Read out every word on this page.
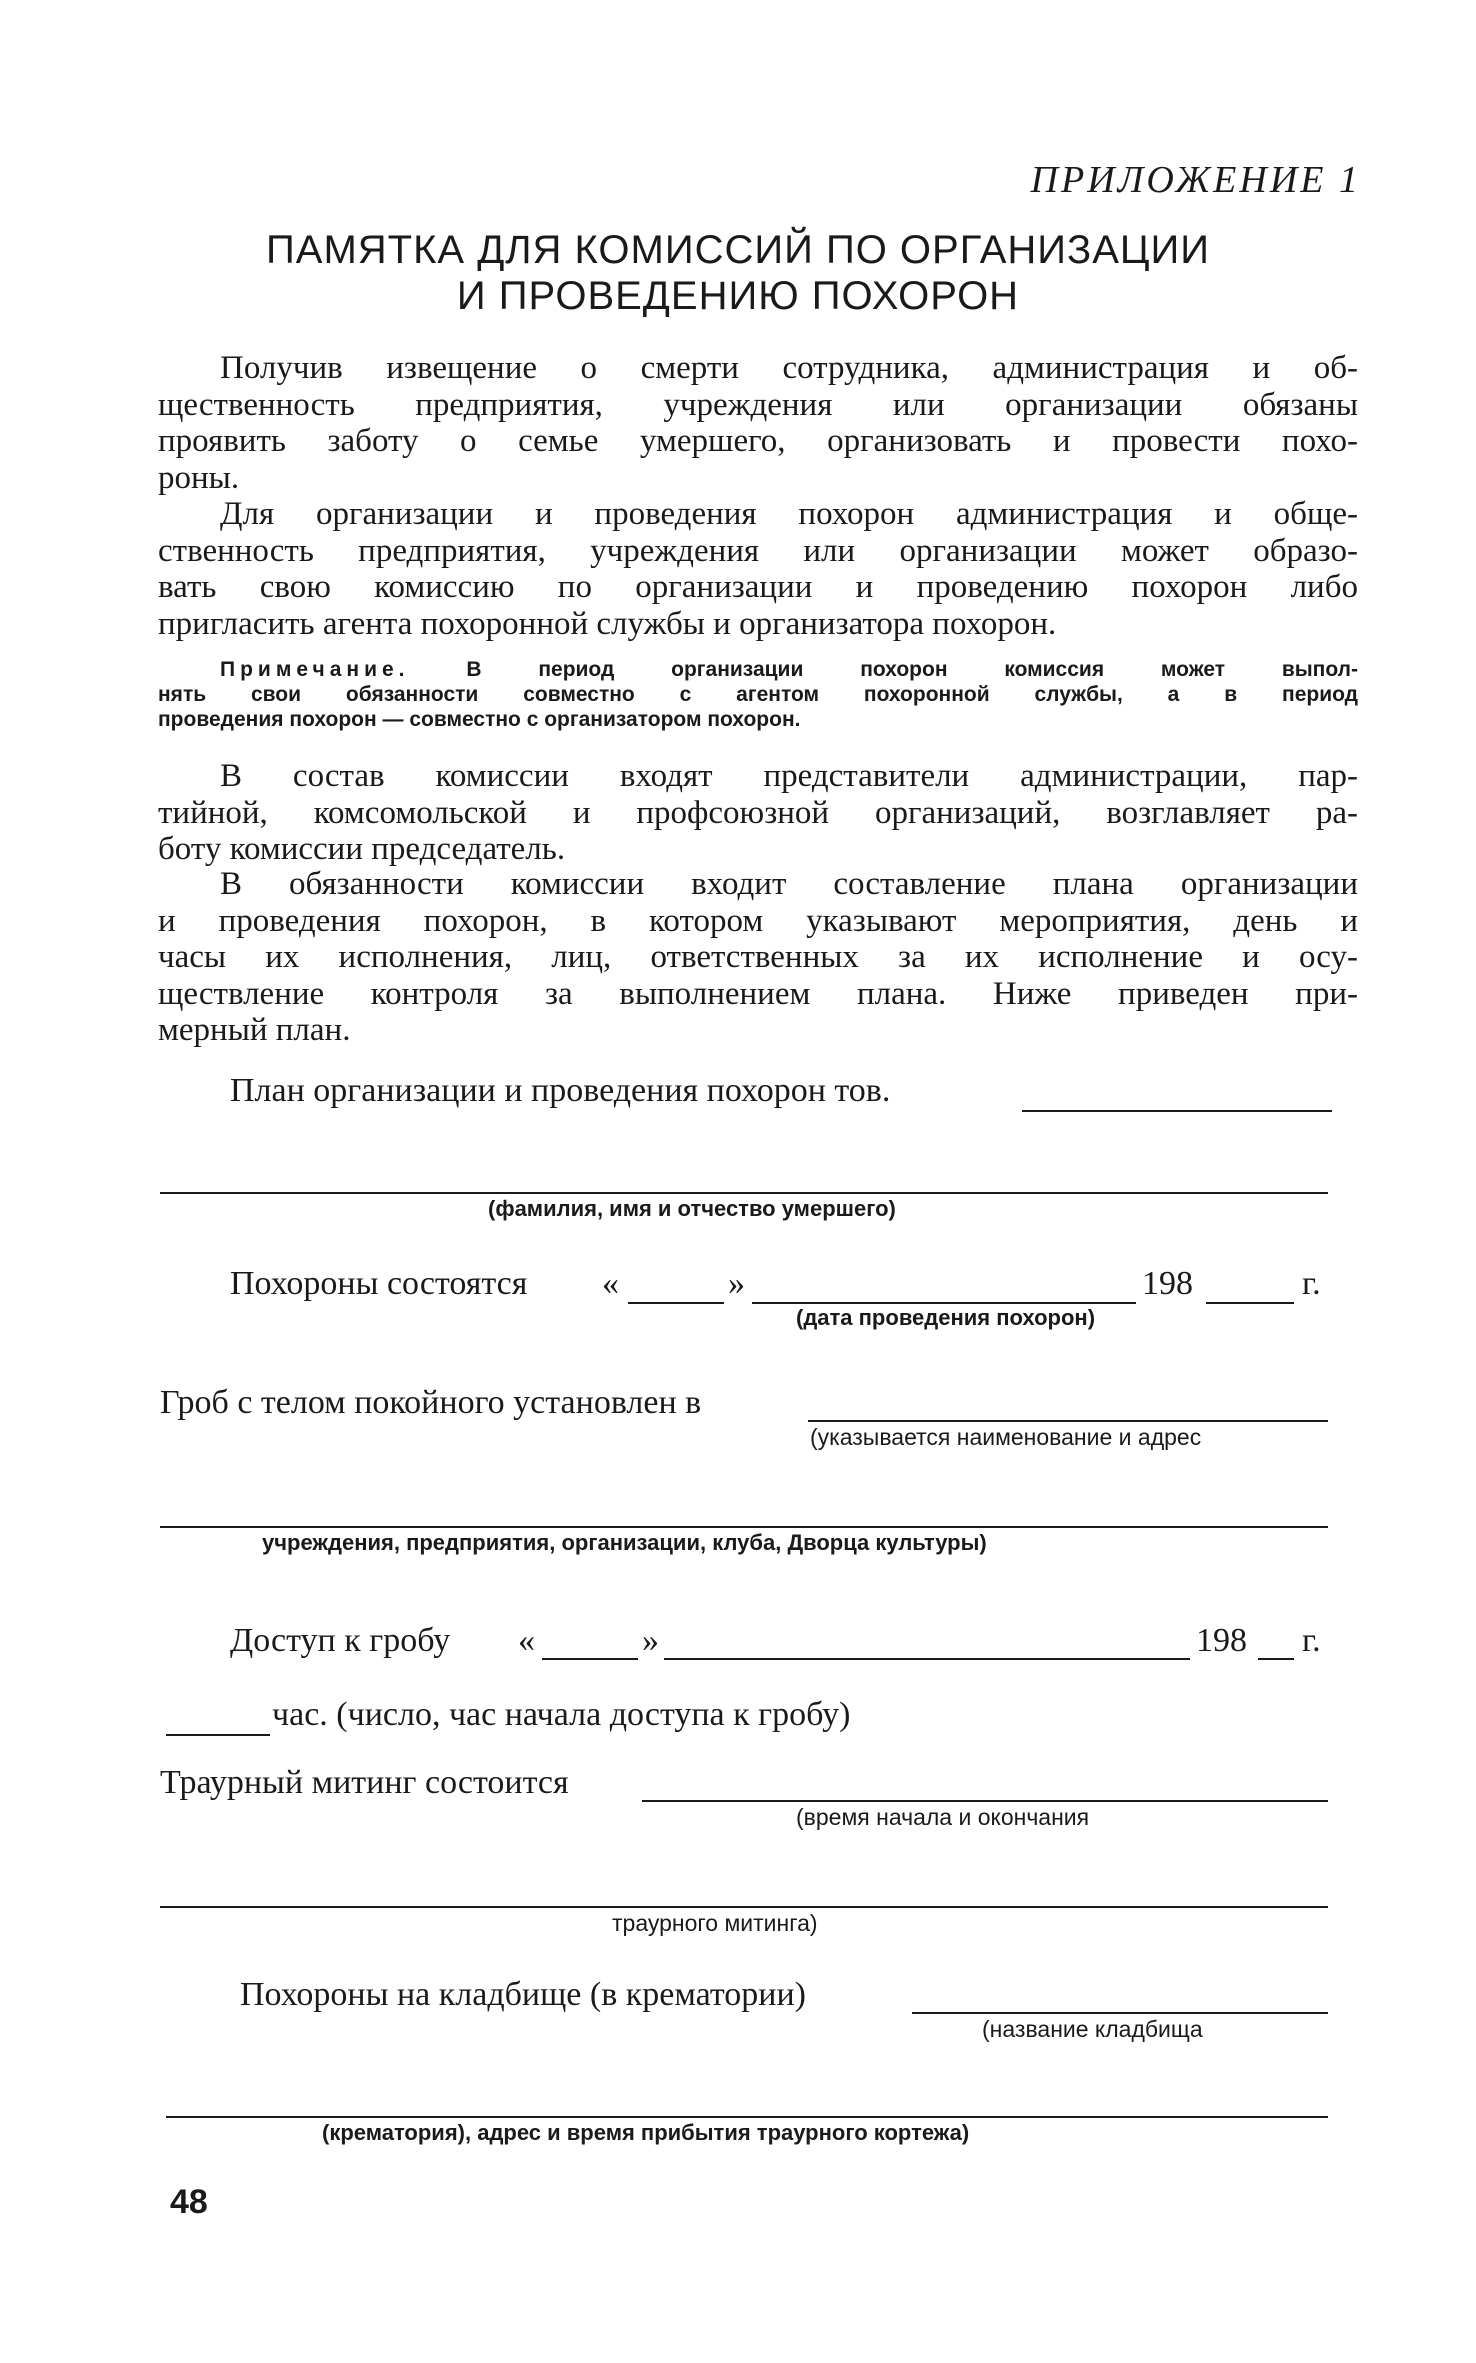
ПРИЛОЖЕНИЕ 1
ПАМЯТКА ДЛЯ КОМИССИЙ ПО ОРГАНИЗАЦИИ
И ПРОВЕДЕНИЮ ПОХОРОН
Получив извещение о смерти сотрудника, администрация и об-
щественность предприятия, учреждения или организации обязаны
проявить заботу о семье умершего, организовать и провести похо-
роны.
Для организации и проведения похорон администрация и обще-
ственность предприятия, учреждения или организации может образо-
вать свою комиссию по организации и проведению похорон либо
пригласить агента похоронной службы и организатора похорон.
Примечание.	В период организации похорон комиссия может выпол-
нять свои обязанности совместно с агентом похоронной службы, а в период
проведения похорон — совместно с организатором похорон.
В состав комиссии входят представители администрации, пар-
тийной, комсомольской и профсоюзной организаций, возглавляет ра-
боту комиссии председатель.
В обязанности комиссии входит составление плана организации
и проведения похорон, в котором указывают мероприятия, день и
часы их исполнения, лиц, ответственных за их исполнение и осу-
ществление контроля за выполнением плана. Ниже приведен при-
мерный план.
План организации и проведения похорон тов.
(фамилия, имя и отчество умершего)
Похороны состоятся «	»	198	г.
(дата проведения похорон)
Гроб с телом покойного установлен в
(указывается наименование и адрес
учреждения, предприятия, организации, клуба, Дворца культуры)
Доступ к гробу «	»	198 г.
час. (число, час начала доступа к гробу)
Траурный митинг состоится
(время начала и окончания
траурного митинга)
Похороны на кладбище (в крематории)
(название кладбища
(крематория), адрес и время прибытия траурного кортежа)
48
